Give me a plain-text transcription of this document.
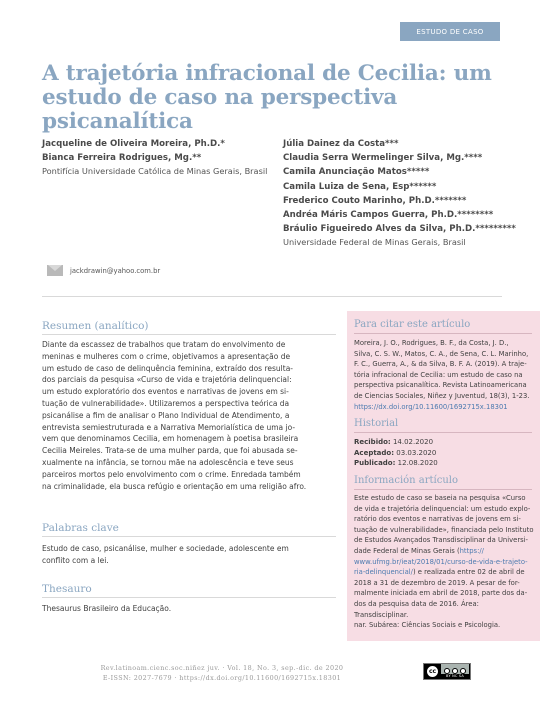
ESTUDO DE CASO
A trajetória infracional de Cecilia: um estudo de caso na perspectiva psicanalítica
Jacqueline de Oliveira Moreira, Ph.D.*
Bianca Ferreira Rodrigues, Mg.**
Pontifícia Universidade Católica de Minas Gerais, Brasil
Júlia Dainez da Costa***
Claudia Serra Wermelinger Silva, Mg.****
Camila Anunciação Matos*****
Camila Luiza de Sena, Esp******
Frederico Couto Marinho, Ph.D.*******
Andréa Máris Campos Guerra, Ph.D.********
Bráulio Figueiredo Alves da Silva, Ph.D.*********
Universidade Federal de Minas Gerais, Brasil
jackdrawin@yahoo.com.br
Resumen (analítico)
Diante da escassez de trabalhos que tratam do envolvimento de
meninas e mulheres com o crime, objetivamos a apresentação de
um estudo de caso de delinquência feminina, extraído dos resulta-
dos parciais da pesquisa «Curso de vida e trajetória delinquencial:
um estudo exploratório dos eventos e narrativas de jovens em si-
tuação de vulnerabilidade». Utilizaremos a perspectiva teórica da
psicanálise a fim de analisar o Plano Individual de Atendimento, a
entrevista semiestruturada e a Narrativa Memorialística de uma jo-
vem que denominamos Cecilia, em homenagem à poetisa brasileira
Cecilia Meireles. Trata-se de uma mulher parda, que foi abusada se-
xualmente na infância, se tornou mãe na adolescência e teve seus
parceiros mortos pelo envolvimento com o crime. Enredada também
na criminalidade, ela busca refúgio e orientação em uma religião afro.
Palabras clave
Estudo de caso, psicanálise, mulher e sociedade, adolescente em
conflito com a lei.
Thesauro
Thesaurus Brasileiro da Educação.
Para citar este artículo
Moreira, J. O., Rodrigues, B. F., da Costa, J. D.,
Silva, C. S. W., Matos, C. A., de Sena, C. L. Marinho,
F. C., Guerra, A., & da Silva, B. F. A. (2019). A traje-
tória infracional de Cecilia: um estudo de caso na
perspectiva psicanalítica. Revista Latinoamericana
de Ciencias Sociales, Niñez y Juventud, 18(3), 1-23.
https://dx.doi.org/10.11600/1692715x.18301
Historial
Recibido: 14.02.2020
Aceptado: 03.03.2020
Publicado: 12.08.2020
Información artículo
Este estudo de caso se baseia na pesquisa «Curso
de vida e trajetória delinquencial: um estudo explo-
ratório dos eventos e narrativas de jovens em si-
tuação de vulnerabilidade», financiada pelo Instituto
de Estudos Avançados Transdisciplinar da Universi-
dade Federal de Minas Gerais (https://
www.ufmg.br/ieat/2018/01/curso-de-vida-e-trajeto-
ria-delinquencial/) e realizada entre 02 de abril de
2018 a 31 de dezembro de 2019. A pesar de for-
malmente iniciada em abril de 2018, parte dos da-
dos da pesquisa data de 2016. Área: Transdisciplinar.
nar. Subárea: Ciências Sociais e Psicologia.
Rev.latinoam.cienc.soc.niñez juv. · Vol. 18, No. 3, sep.-dic. de 2020
E-ISSN: 2027-7679 · https://dx.doi.org/10.11600/1692715x.18301
cc
BY NC SA
